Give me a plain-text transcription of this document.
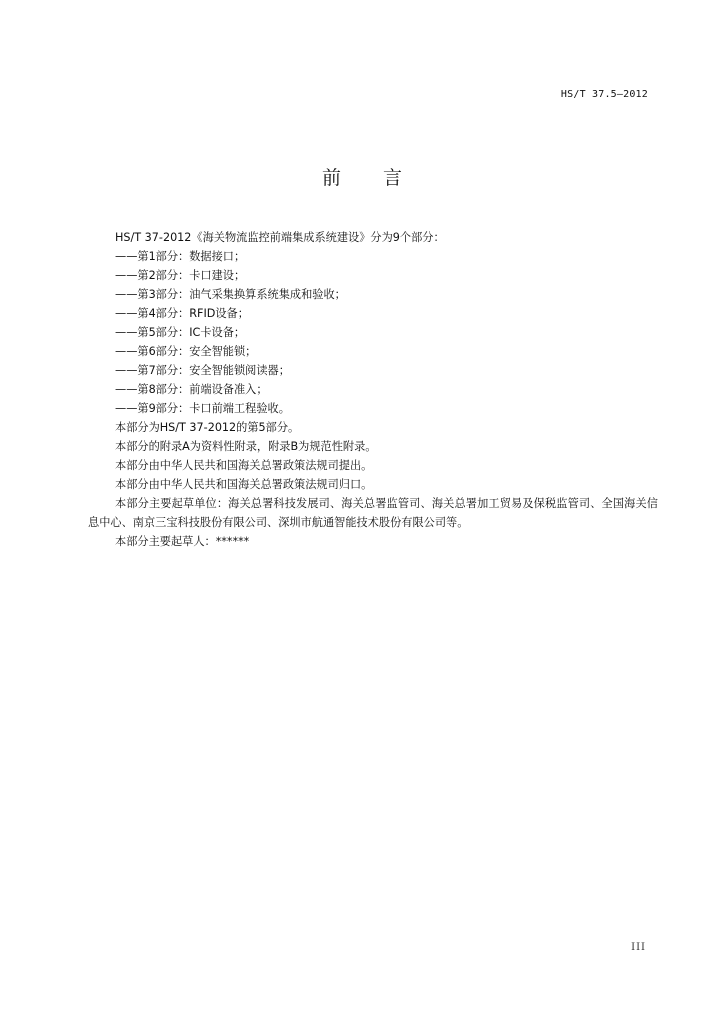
HS/T 37.5—2012
前 言

HS/T 37-2012《海关物流监控前端集成系统建设》分为9个部分：

——第1部分：数据接口；

——第2部分：卡口建设；

——第3部分：油气采集换算系统集成和验收；

——第4部分：RFID设备；

——第5部分：IC卡设备；

——第6部分：安全智能锁；

——第7部分：安全智能锁阅读器；

——第8部分：前端设备准入；

——第9部分：卡口前端工程验收。

本部分为HS/T 37-2012的第5部分。

本部分的附录A为资料性附录，附录B为规范性附录。

本部分由中华人民共和国海关总署政策法规司提出。

本部分由中华人民共和国海关总署政策法规司归口。

本部分主要起草单位：海关总署科技发展司、海关总署监管司、海关总署加工贸易及保税监管司、全国海关信息中心、南京三宝科技股份有限公司、深圳市航通智能技术股份有限公司等。

本部分主要起草人：******

III
